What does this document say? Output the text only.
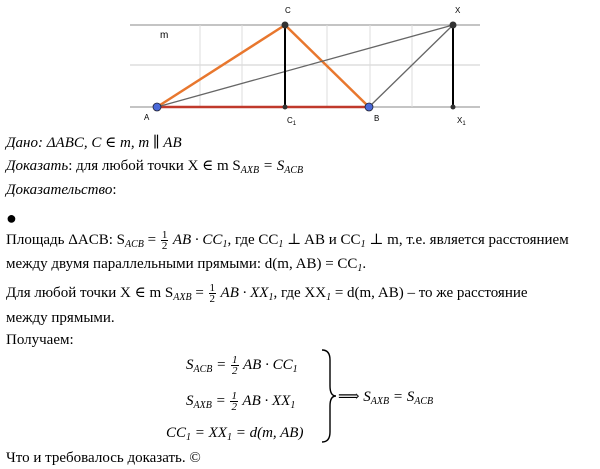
m
A	B
C	X
$C_1$	$X_1$
Дано: ΔABC, C ∈ m, m ∥ AB
Доказать: для любой точки X ∈ m $S_{AXB} = S_{ACB}$
Доказательство:
●
Площадь ΔACB: $S_{ACB} = \frac{1}{2}$ AB · $CC_1$, где $CC_1$ ⊥ AB и $CC_1$ ⊥ m, т.е. является расстоянием
между двумя параллельными прямыми: d(m, $AB) = CC_1$.
Для любой точки X ∈ m $S_{AXB} = \frac{1}{2}$ AB · $XX_1$, где $XX_1 = d(m$, AB) – то же расстояние
между прямыми.
Получаем:
$S_{ACB} = \frac{1}{2}$ AB · $CC_1$
$S_{AXB} = \frac{1}{2}$ AB · $XX_1$
$CC_1 = XX_1 = d(m$, AB)
⟹ $S_{AXB} = S_{ACB}$
Что и требовалось доказать. ©
